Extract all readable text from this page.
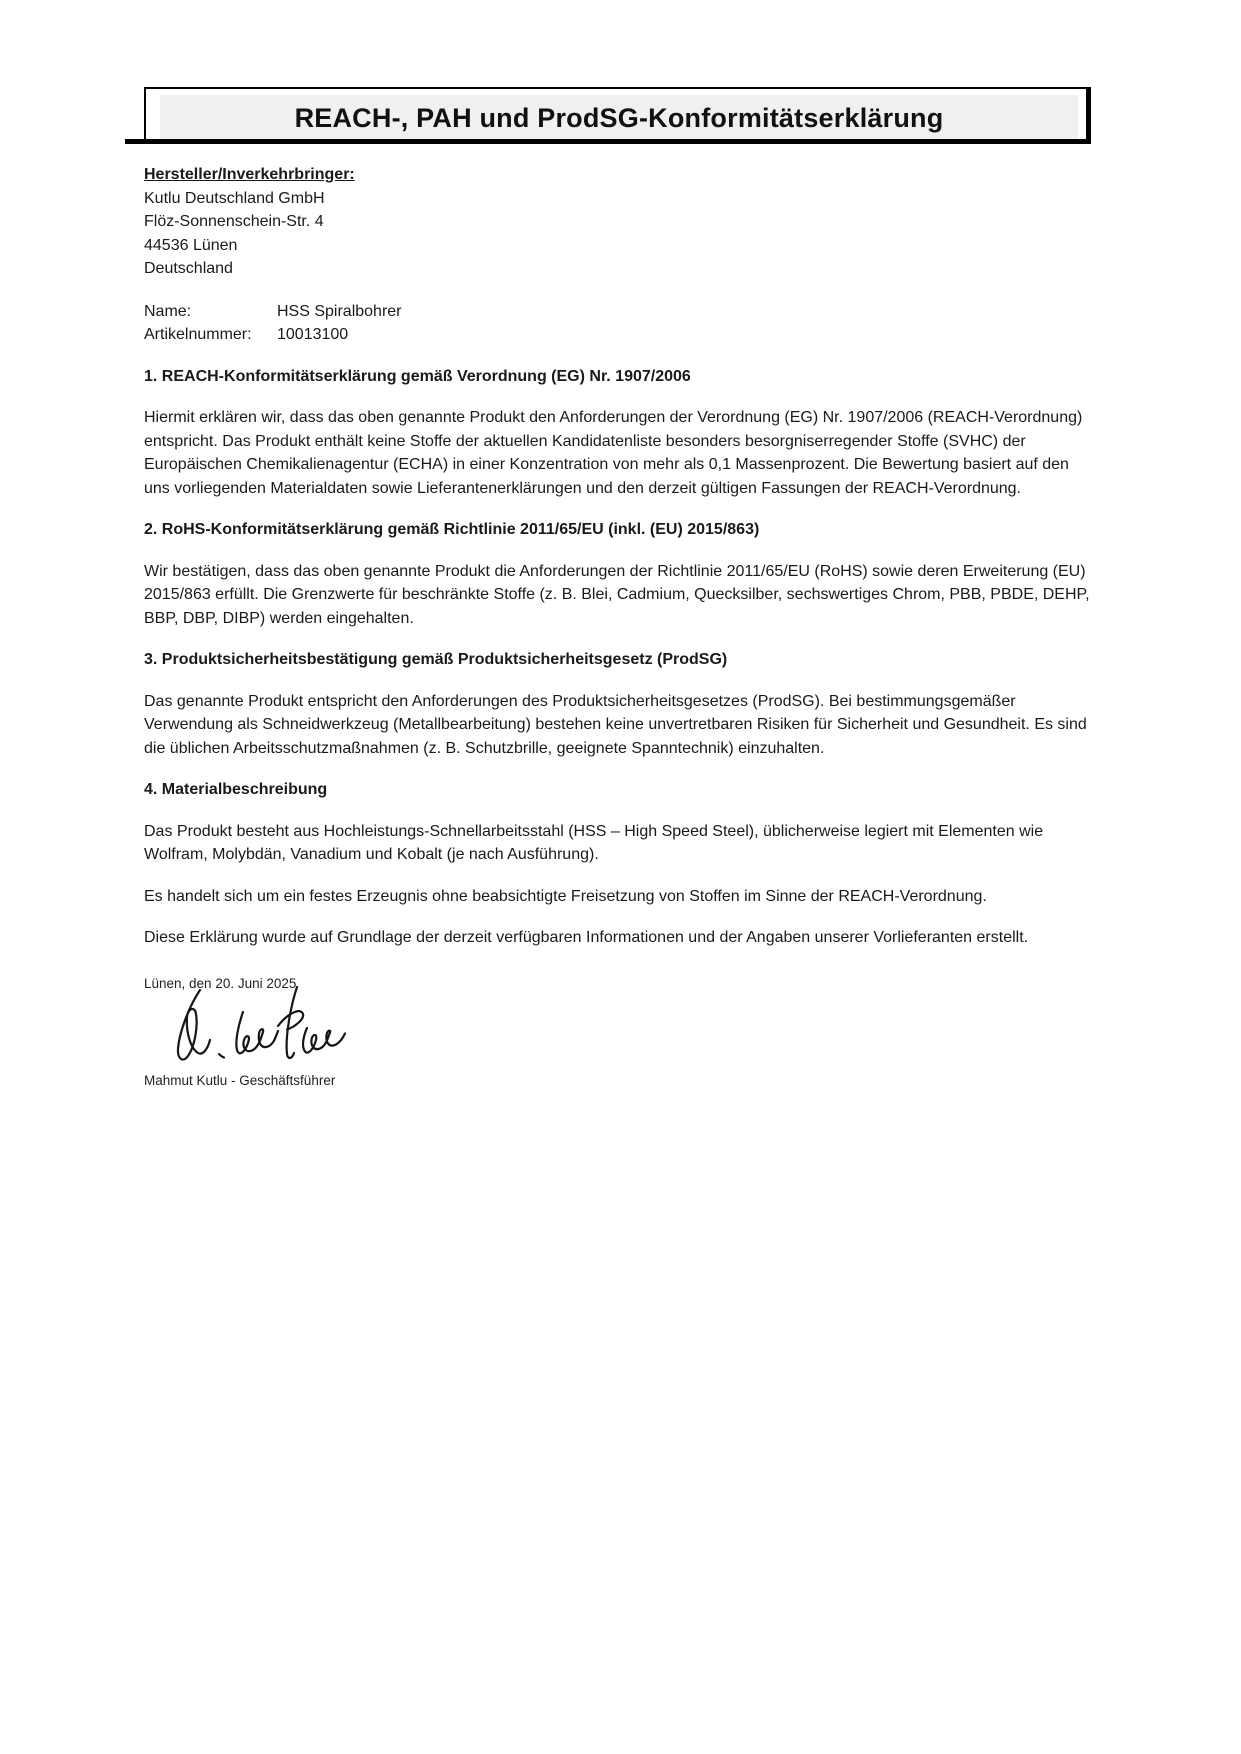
REACH-, PAH und ProdSG-Konformitätserklärung
Hersteller/Inverkehrbringer:
Kutlu Deutschland GmbH
Flöz-Sonnenschein-Str. 4
44536 Lünen
Deutschland
Name:	HSS Spiralbohrer
Artikelnummer:	10013100
1. REACH-Konformitätserklärung gemäß Verordnung (EG) Nr. 1907/2006

Hiermit erklären wir, dass das oben genannte Produkt den Anforderungen der Verordnung (EG) Nr. 1907/2006 (REACH-Verordnung) entspricht. Das Produkt enthält keine Stoffe der aktuellen Kandidatenliste besonders besorgniserregender Stoffe (SVHC) der Europäischen Chemikalienagentur (ECHA) in einer Konzentration von mehr als 0,1 Massenprozent. Die Bewertung basiert auf den uns vorliegenden Materialdaten sowie Lieferantenerklärungen und den derzeit gültigen Fassungen der REACH-Verordnung.

2. RoHS-Konformitätserklärung gemäß Richtlinie 2011/65/EU (inkl. (EU) 2015/863)

Wir bestätigen, dass das oben genannte Produkt die Anforderungen der Richtlinie 2011/65/EU (RoHS) sowie deren Erweiterung (EU) 2015/863 erfüllt. Die Grenzwerte für beschränkte Stoffe (z. B. Blei, Cadmium, Quecksilber, sechswertiges Chrom, PBB, PBDE, DEHP, BBP, DBP, DIBP) werden eingehalten.

3. Produktsicherheitsbestätigung gemäß Produktsicherheitsgesetz (ProdSG)

Das genannte Produkt entspricht den Anforderungen des Produktsicherheitsgesetzes (ProdSG). Bei bestimmungsgemäßer Verwendung als Schneidwerkzeug (Metallbearbeitung) bestehen keine unvertretbaren Risiken für Sicherheit und Gesundheit. Es sind die üblichen Arbeitsschutzmaßnahmen (z. B. Schutzbrille, geeignete Spanntechnik) einzuhalten.

4. Materialbeschreibung

Das Produkt besteht aus Hochleistungs-Schnellarbeitsstahl (HSS – High Speed Steel), üblicherweise legiert mit Elementen wie Wolfram, Molybdän, Vanadium und Kobalt (je nach Ausführung).

Es handelt sich um ein festes Erzeugnis ohne beabsichtigte Freisetzung von Stoffen im Sinne der REACH-Verordnung.

Diese Erklärung wurde auf Grundlage der derzeit verfügbaren Informationen und der Angaben unserer Vorlieferanten erstellt.

Lünen, den 20. Juni 2025
Mahmut Kutlu - Geschäftsführer
